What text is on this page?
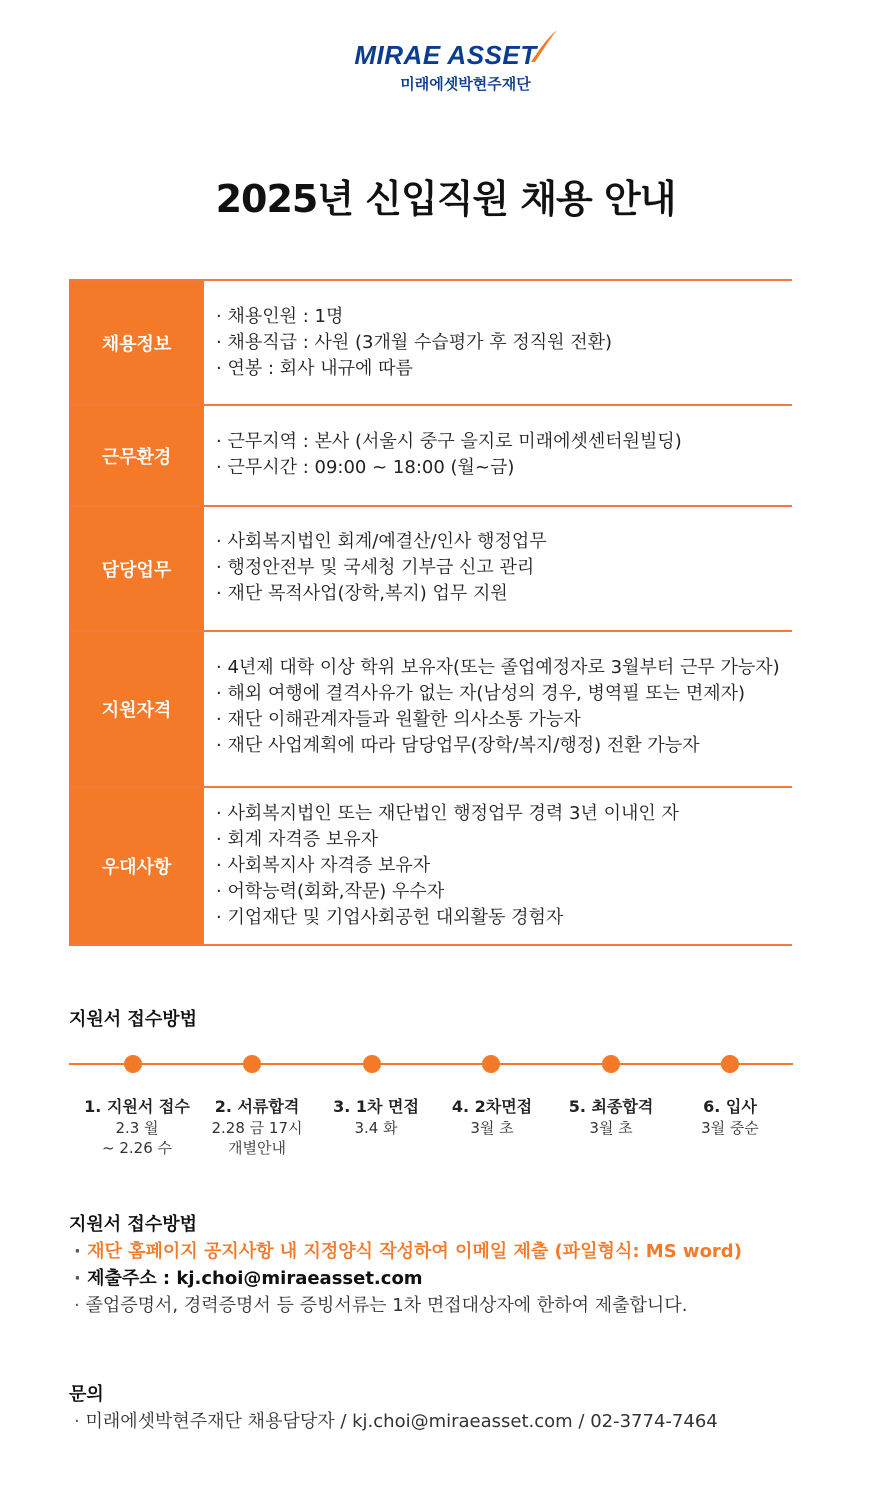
MIRAE ASSET
미래에셋박현주재단
2025년 신입직원 채용 안내
채용정보
· 채용인원 : 1명
· 채용직급 : 사원 (3개월 수습평가 후 정직원 전환)
· 연봉 : 회사 내규에 따름
근무환경
· 근무지역 : 본사 (서울시 중구 을지로 미래에셋센터원빌딩)
· 근무시간 : 09:00 ~ 18:00 (월~금)
담당업무
· 사회복지법인 회계/예결산/인사 행정업무
· 행정안전부 및 국세청 기부금 신고 관리
· 재단 목적사업(장학,복지) 업무 지원
지원자격
· 4년제 대학 이상 학위 보유자(또는 졸업예정자로 3월부터 근무 가능자)
· 해외 여행에 결격사유가 없는 자(남성의 경우, 병역필 또는 면제자)
· 재단 이해관계자들과 원활한 의사소통 가능자
· 재단 사업계획에 따라 담당업무(장학/복지/행정) 전환 가능자
우대사항
· 사회복지법인 또는 재단법인 행정업무 경력 3년 이내인 자
· 회계 자격증 보유자
· 사회복지사 자격증 보유자
· 어학능력(회화,작문) 우수자
· 기업재단 및 기업사회공헌 대외활동 경험자
지원서 접수방법
1. 지원서 접수
2.3 월
~ 2.26 수
2. 서류합격
2.28 금 17시
개별안내
3. 1차 면접
3.4 화
4. 2차면접
3월 초
5. 최종합격
3월 초
6. 입사
3월 중순
지원서 접수방법
· 재단 홈페이지 공지사항 내 지정양식 작성하여 이메일 제출 (파일형식: MS word)
· 제출주소 : kj.choi@miraeasset.com
· 졸업증명서, 경력증명서 등 증빙서류는 1차 면접대상자에 한하여 제출합니다.
문의
· 미래에셋박현주재단 채용담당자 / kj.choi@miraeasset.com / 02-3774-7464
